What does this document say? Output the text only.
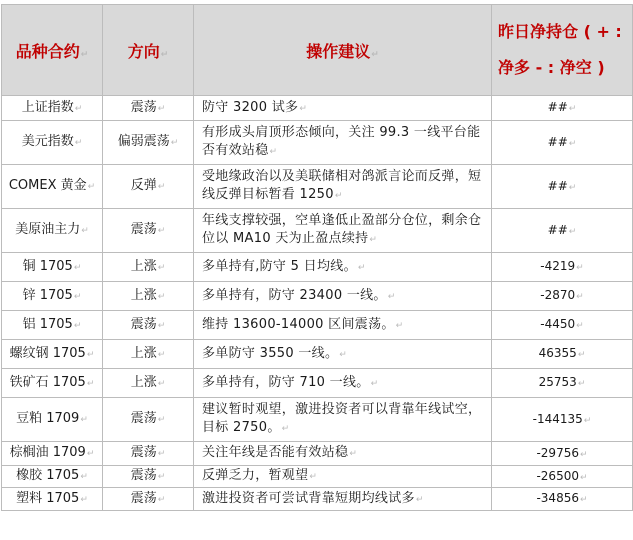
品种合约↵	方向↵	操作建议↵	昨日净持仓 ( + :
净多 - : 净空 )

上证指数↵	震荡↵	防守 3200 试多↵	##↵
美元指数↵	偏弱震荡↵	有形成头肩顶形态倾向，关注 99.3 一线平台能否有效站稳↵	##↵
COMEX 黄金↵	反弹↵	受地缘政治以及美联储相对鸽派言论而反弹，短线反弹目标暂看 1250↵	##↵
美原油主力↵	震荡↵	年线支撑较强，空单逢低止盈部分仓位，剩余仓位以 MA10 天为止盈点续持↵	##↵
铜 1705↵	上涨↵	多单持有,防守 5 日均线。↵	-4219↵
锌 1705↵	上涨↵	多单持有，防守 23400 一线。↵	-2870↵
铝 1705↵	震荡↵	维持 13600-14000 区间震荡。↵	-4450↵
螺纹钢 1705↵	上涨↵	多单防守 3550 一线。↵	46355↵
铁矿石 1705↵	上涨↵	多单持有，防守 710 一线。↵	25753↵
豆粕 1709↵	震荡↵	建议暂时观望，激进投资者可以背靠年线试空，目标 2750。↵	-144135↵
棕榈油 1709↵	震荡↵	关注年线是否能有效站稳↵	-29756↵
橡胶 1705↵	震荡↵	反弹乏力，暂观望↵	-26500↵
塑料 1705↵	震荡↵	激进投资者可尝试背靠短期均线试多↵	-34856↵
